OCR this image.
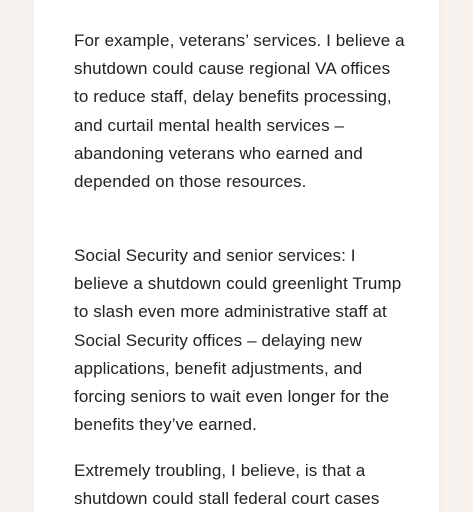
For example, veterans’ services. I believe a shutdown could cause regional VA offices to reduce staff, delay benefits processing, and curtail mental health services – abandoning veterans who earned and depended on those resources.

Social Security and senior services: I believe a shutdown could greenlight Trump to slash even more administrative staff at Social Security offices – delaying new applications, benefit adjustments, and forcing seniors to wait even longer for the benefits they’ve earned.

Extremely troubling, I believe, is that a shutdown could stall federal court cases
